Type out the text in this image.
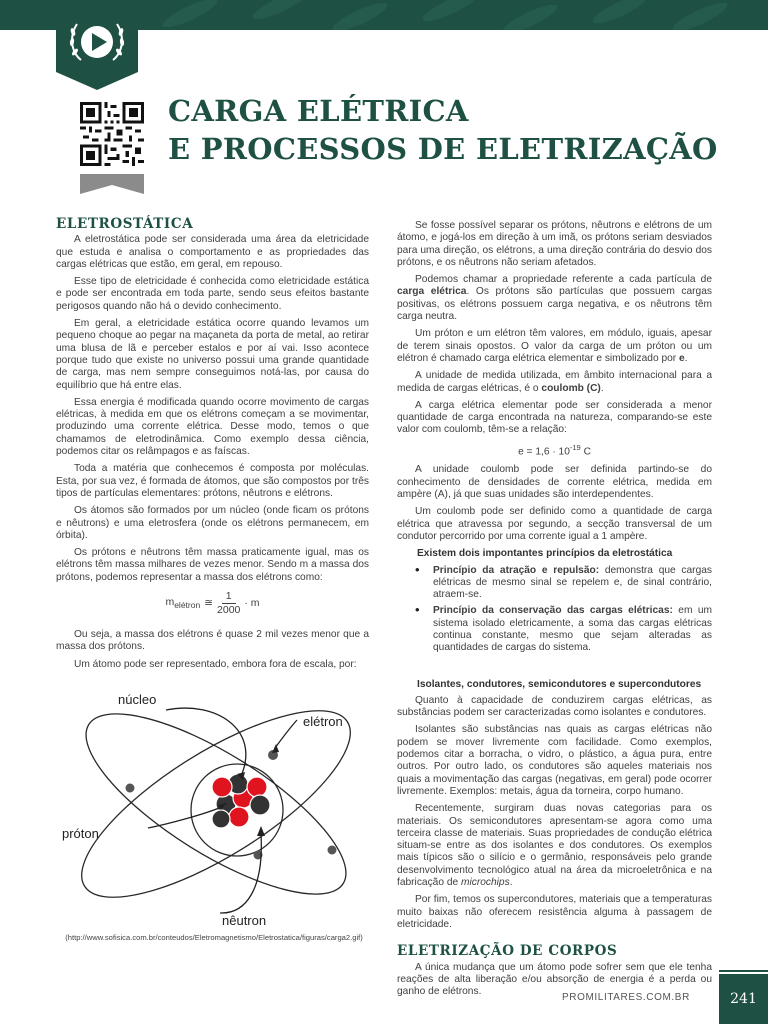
CARGA ELÉTRICA
E PROCESSOS DE ELETRIZAÇÃO
ELETROSTÁTICA

A eletrostática pode ser considerada uma área da eletricidade que estuda e analisa o comportamento e as propriedades das cargas elétricas que estão, em geral, em repouso.

Esse tipo de eletricidade é conhecida como eletricidade estática e pode ser encontrada em toda parte, sendo seus efeitos bastante perigosos quando não há o devido conhecimento.

Em geral, a eletricidade estática ocorre quando levamos um pequeno choque ao pegar na maçaneta da porta de metal, ao retirar uma blusa de lã e perceber estalos e por aí vai. Isso acontece porque tudo que existe no universo possui uma grande quantidade de carga, mas nem sempre conseguimos notá-las, por causa do equilíbrio que há entre elas.

Essa energia é modificada quando ocorre movimento de cargas elétricas, à medida em que os elétrons começam a se movimentar, produzindo uma corrente elétrica. Desse modo, temos o que chamamos de eletrodinâmica. Como exemplo dessa ciência, podemos citar os relâmpagos e as faíscas.

Toda a matéria que conhecemos é composta por moléculas. Esta, por sua vez, é formada de átomos, que são compostos por três tipos de partículas elementares: prótons, nêutrons e elétrons.

Os átomos são formados por um núcleo (onde ficam os prótons e nêutrons) e uma eletrosfera (onde os elétrons permanecem, em órbita).

Os prótons e nêutrons têm massa praticamente igual, mas os elétrons têm massa milhares de vezes menor. Sendo m a massa dos prótons, podemos representar a massa dos elétrons como:

$m_{elétron}$ ≅ $\frac{1}{2000} \cdot m$

Ou seja, a massa dos elétrons é quase 2 mil vezes menor que a massa dos prótons.

Um átomo pode ser representado, embora fora de escala, por:

núcleo
elétron
próton
nêutron
(http://www.sofisica.com.br/conteudos/Eletromagnetismo/Eletrostatica/figuras/carga2.gif)

Se fosse possível separar os prótons, nêutrons e elétrons de um átomo, e jogá-los em direção à um imã, os prótons seriam desviados para uma direção, os elétrons, a uma direção contrária do desvio dos prótons, e os nêutrons não seriam afetados.

Podemos chamar a propriedade referente a cada partícula de carga elétrica. Os prótons são partículas que possuem cargas positivas, os elétrons possuem carga negativa, e os nêutrons têm carga neutra.

Um próton e um elétron têm valores, em módulo, iguais, apesar de terem sinais opostos. O valor da carga de um próton ou um elétron é chamado carga elétrica elementar e simbolizado por e.

A unidade de medida utilizada, em âmbito internacional para a medida de cargas elétricas, é o coulomb (C).

A carga elétrica elementar pode ser considerada a menor quantidade de carga encontrada na natureza, comparando-se este valor com coulomb, têm-se a relação:

$e = 1,6 \cdot 10^{-19}$ C

A unidade coulomb pode ser definida partindo-se do conhecimento de densidades de corrente elétrica, medida em ampère (A), já que suas unidades são interdependentes.

Um coulomb pode ser definido como a quantidade de carga elétrica que atravessa por segundo, a secção transversal de um condutor percorrido por uma corrente igual a 1 ampère.

Existem dois impontantes princípios da eletrostática
• Princípio da atração e repulsão: demonstra que cargas elétricas de mesmo sinal se repelem e, de sinal contrário, atraem-se.
• Princípio da conservação das cargas elétricas: em um sistema isolado eletricamente, a soma das cargas elétricas continua constante, mesmo que sejam alteradas as quantidades de cargas do sistema.
Isolantes, condutores, semicondutores e supercondutores

Quanto à capacidade de conduzirem cargas elétricas, as substâncias podem ser caracterizadas como isolantes e condutores.

Isolantes são substâncias nas quais as cargas elétricas não podem se mover livremente com facilidade. Como exemplos, podemos citar a borracha, o vidro, o plástico, a água pura, entre outros. Por outro lado, os condutores são aqueles materiais nos quais a movimentação das cargas (negativas, em geral) pode ocorrer livremente. Exemplos: metais, água da torneira, corpo humano.

Recentemente, surgiram duas novas categorias para os materiais. Os semicondutores apresentam-se agora como uma terceira classe de materiais. Suas propriedades de condução elétrica situam-se entre as dos isolantes e dos condutores. Os exemplos mais típicos são o silício e o germânio, responsáveis pelo grande desenvolvimento tecnológico atual na área da microeletrônica e na fabricação de microchips.

Por fim, temos os supercondutores, materiais que a temperaturas muito baixas não oferecem resistência alguma à passagem de eletricidade.

ELETRIZAÇÃO DE CORPOS

A única mudança que um átomo pode sofrer sem que ele tenha reações de alta liberação e/ou absorção de energia é a perda ou ganho de elétrons.

PROMILITARES.COM.BR	241
